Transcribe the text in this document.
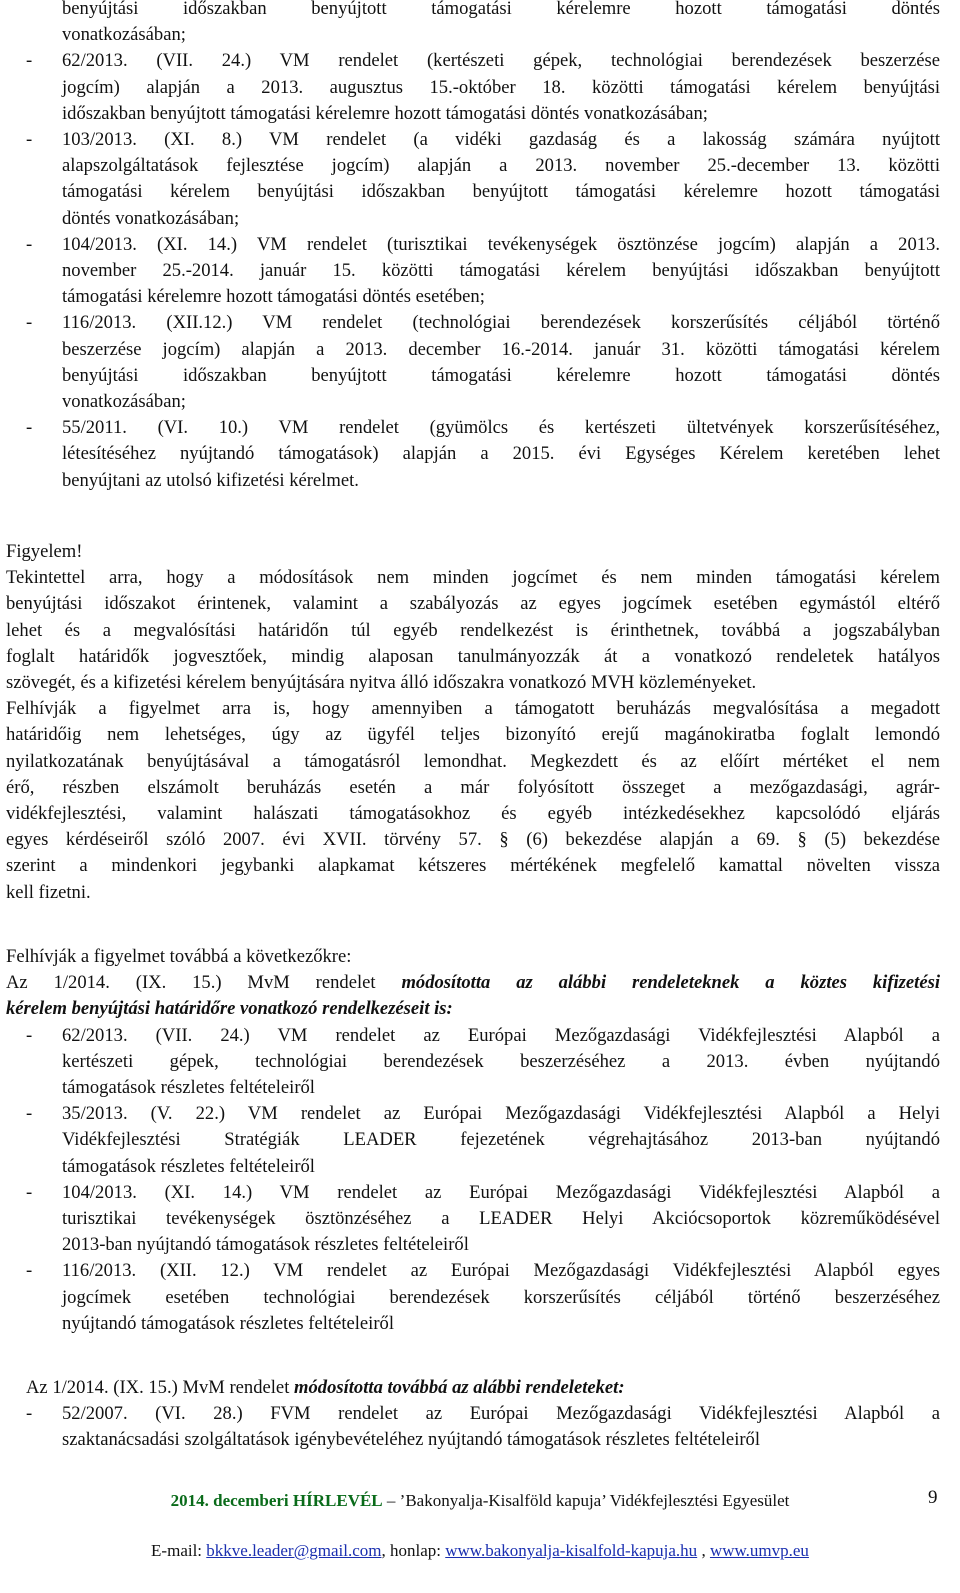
benyújtási időszakban benyújtott támogatási kérelemre hozott támogatási döntés
vonatkozásában;
- 62/2013. (VII. 24.) VM rendelet (kertészeti gépek, technológiai berendezések beszerzése
jogcím) alapján a 2013. augusztus 15.-október 18. közötti támogatási kérelem benyújtási
időszakban benyújtott támogatási kérelemre hozott támogatási döntés vonatkozásában;
- 103/2013. (XI. 8.) VM rendelet (a vidéki gazdaság és a lakosság számára nyújtott
alapszolgáltatások fejlesztése jogcím) alapján a 2013. november 25.-december 13. közötti
támogatási kérelem benyújtási időszakban benyújtott támogatási kérelemre hozott támogatási
döntés vonatkozásában;
- 104/2013. (XI. 14.) VM rendelet (turisztikai tevékenységek ösztönzése jogcím) alapján a 2013.
november 25.-2014. január 15. közötti támogatási kérelem benyújtási időszakban benyújtott
támogatási kérelemre hozott támogatási döntés esetében;
- 116/2013. (XII.12.) VM rendelet (technológiai berendezések korszerűsítés céljából történő
beszerzése jogcím) alapján a 2013. december 16.-2014. január 31. közötti támogatási kérelem
benyújtási időszakban benyújtott támogatási kérelemre hozott támogatási döntés
vonatkozásában;
- 55/2011. (VI. 10.) VM rendelet (gyümölcs és kertészeti ültetvények korszerűsítéséhez,
létesítéséhez nyújtandó támogatások) alapján a 2015. évi Egységes Kérelem keretében lehet
benyújtani az utolsó kifizetési kérelmet.
Figyelem!
Tekintettel arra, hogy a módosítások nem minden jogcímet és nem minden támogatási kérelem
benyújtási időszakot érintenek, valamint a szabályozás az egyes jogcímek esetében egymástól eltérő
lehet és a megvalósítási határidőn túl egyéb rendelkezést is érinthetnek, továbbá a jogszabályban
foglalt határidők jogvesztőek, mindig alaposan tanulmányozzák át a vonatkozó rendeletek hatályos
szövegét, és a kifizetési kérelem benyújtására nyitva álló időszakra vonatkozó MVH közleményeket.
Felhívják a figyelmet arra is, hogy amennyiben a támogatott beruházás megvalósítása a megadott
határidőig nem lehetséges, úgy az ügyfél teljes bizonyító erejű magánokiratba foglalt lemondó
nyilatkozatának benyújtásával a támogatásról lemondhat. Megkezdett és az előírt mértéket el nem
érő, részben elszámolt beruházás esetén a már folyósított összeget a mezőgazdasági, agrár-
vidékfejlesztési, valamint halászati támogatásokhoz és egyéb intézkedésekhez kapcsolódó eljárás
egyes kérdéseiről szóló 2007. évi XVII. törvény 57. § (6) bekezdése alapján a 69. § (5) bekezdése
szerint a mindenkori jegybanki alapkamat kétszeres mértékének megfelelő kamattal növelten vissza
kell fizetni.
Felhívják a figyelmet továbbá a következőkre:
Az 1/2014. (IX. 15.) MvM rendelet módosította az alábbi rendeleteknek a köztes kifizetési
kérelem benyújtási határidőre vonatkozó rendelkezéseit is:
- 62/2013. (VII. 24.) VM rendelet az Európai Mezőgazdasági Vidékfejlesztési Alapból a
kertészeti gépek, technológiai berendezések beszerzéséhez a 2013. évben nyújtandó
támogatások részletes feltételeiről
- 35/2013. (V. 22.) VM rendelet az Európai Mezőgazdasági Vidékfejlesztési Alapból a Helyi
Vidékfejlesztési Stratégiák LEADER fejezetének végrehajtásához 2013-ban nyújtandó
támogatások részletes feltételeiről
- 104/2013. (XI. 14.) VM rendelet az Európai Mezőgazdasági Vidékfejlesztési Alapból a
turisztikai tevékenységek ösztönzéséhez a LEADER Helyi Akciócsoportok közreműködésével
2013-ban nyújtandó támogatások részletes feltételeiről
- 116/2013. (XII. 12.) VM rendelet az Európai Mezőgazdasági Vidékfejlesztési Alapból egyes
jogcímek esetében technológiai berendezések korszerűsítés céljából történő beszerzéséhez
nyújtandó támogatások részletes feltételeiről
Az 1/2014. (IX. 15.) MvM rendelet módosította továbbá az alábbi rendeleteket:
- 52/2007. (VI. 28.) FVM rendelet az Európai Mezőgazdasági Vidékfejlesztési Alapból a
szaktanácsadási szolgáltatások igénybevételéhez nyújtandó támogatások részletes feltételeiről
2014. decemberi HÍRLEVÉL – ’Bakonyalja-Kisalföld kapuja’ Vidékfejlesztési Egyesület	9
E-mail: bkkve.leader@gmail.com, honlap: www.bakonyalja-kisalfold-kapuja.hu , www.umvp.eu
